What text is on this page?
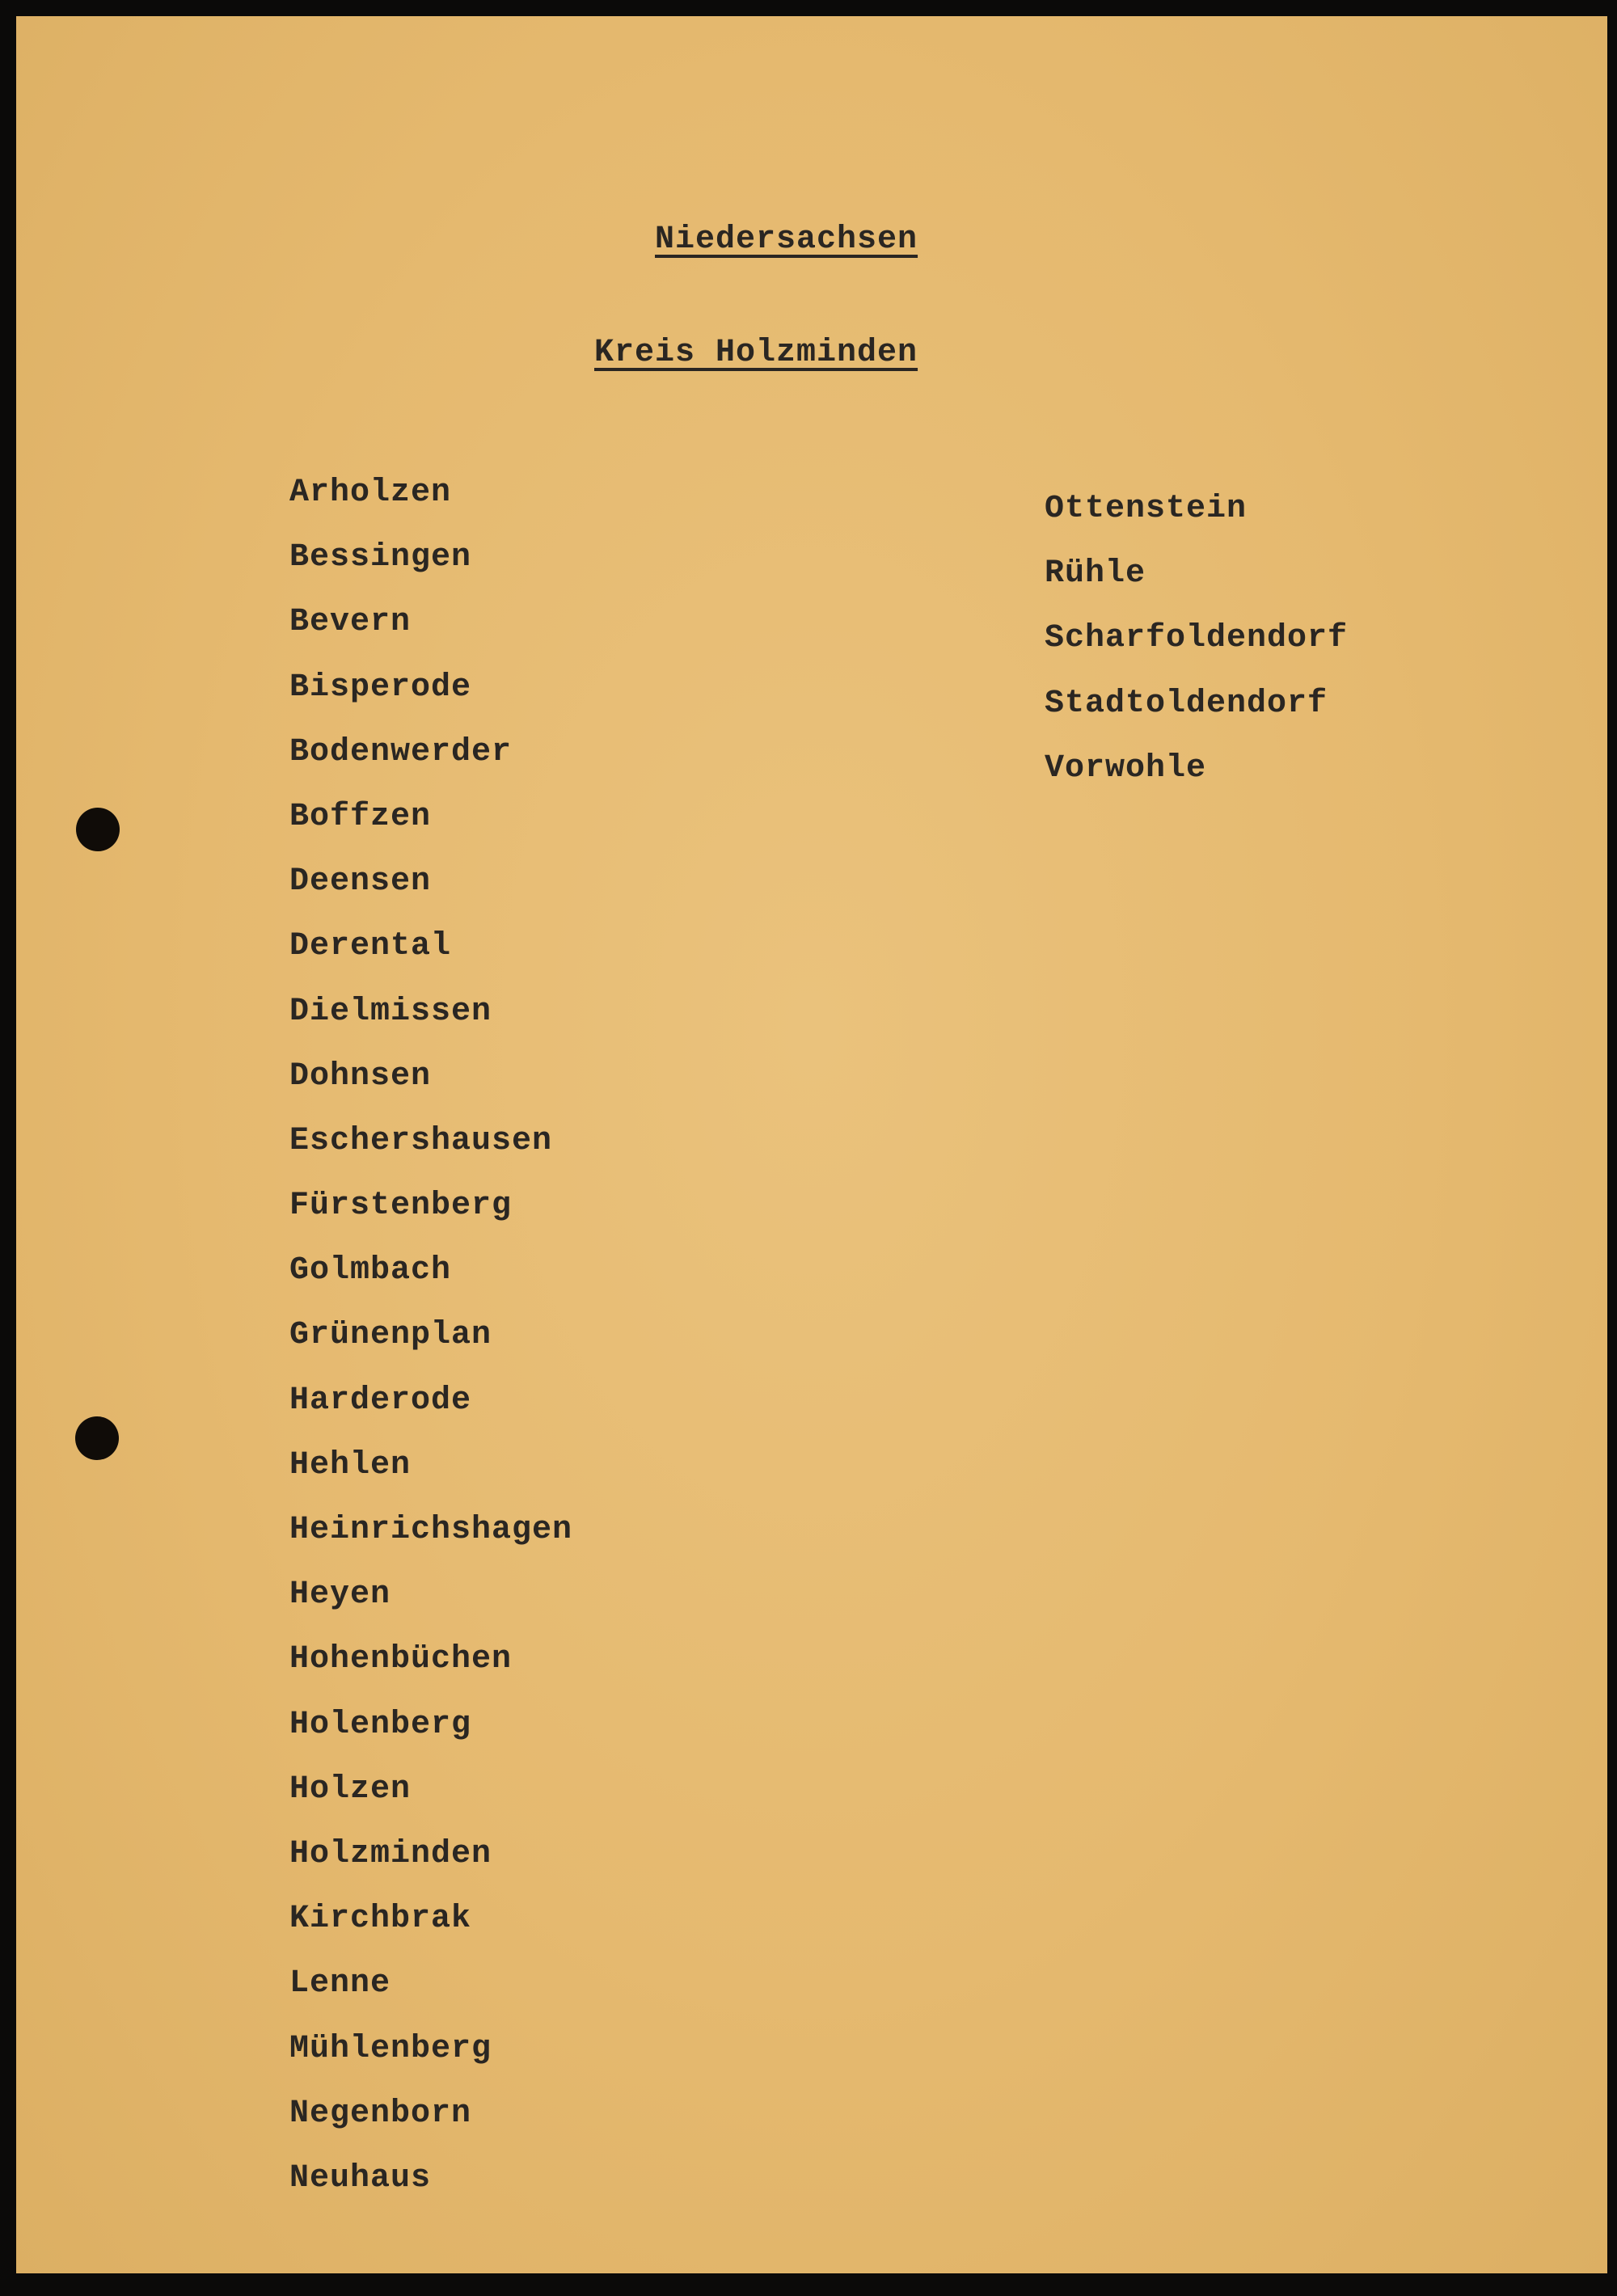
Niedersachsen
Kreis Holzminden
Arholzen
Bessingen
Bevern
Bisperode
Bodenwerder
Boffzen
Deensen
Derental
Dielmissen
Dohnsen
Eschershausen
Fürstenberg
Golmbach
Grünenplan
Harderode
Hehlen
Heinrichshagen
Heyen
Hohenbüchen
Holenberg
Holzen
Holzminden
Kirchbrak
Lenne
Mühlenberg
Negenborn
Neuhaus
Ottenstein
Rühle
Scharfoldendorf
Stadtoldendorf
Vorwohle
